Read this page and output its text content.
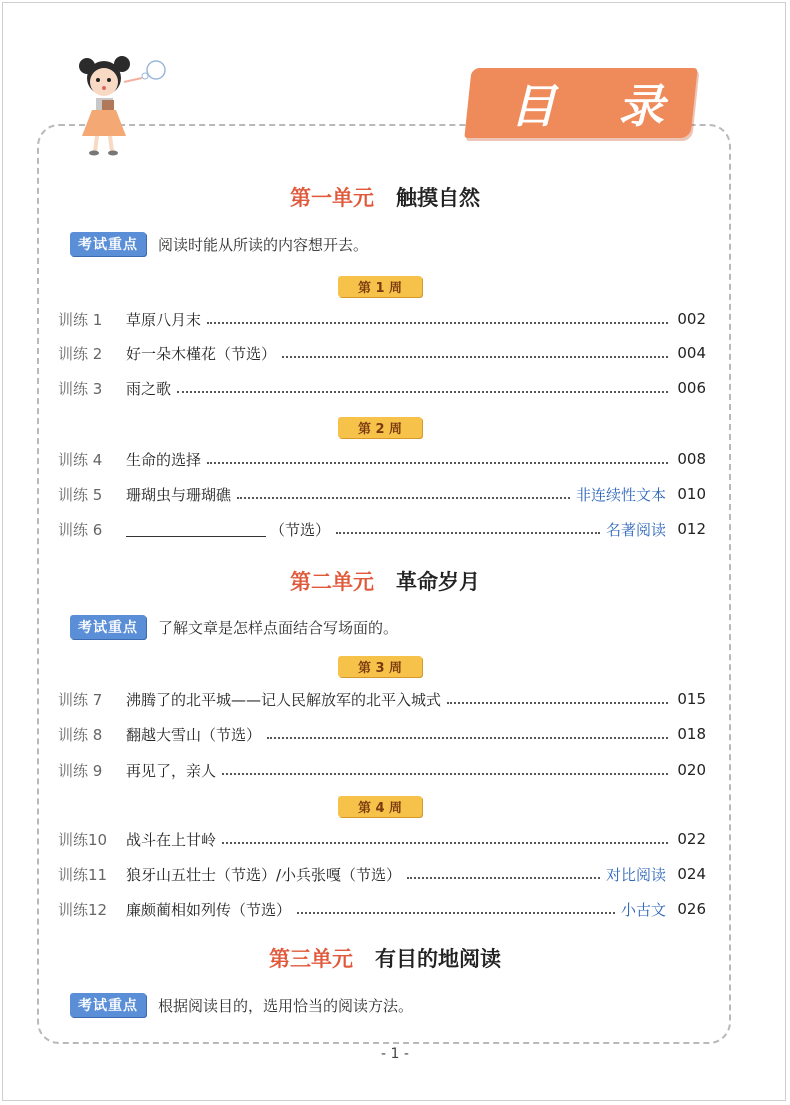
目 录
第一单元 触摸自然
考试重点	阅读时能从所读的内容想开去。
第 1 周
训练 1	草原八月末	002
训练 2	好一朵木槿花（节选）	004
训练 3	雨之歌	006
第 2 周
训练 4	生命的选择	008
训练 5	珊瑚虫与珊瑚礁	非连续性文本 010
训练 6	（节选）	名著阅读 012
第二单元 革命岁月
考试重点	了解文章是怎样点面结合写场面的。
第 3 周
训练 7	沸腾了的北平城——记人民解放军的北平入城式	015
训练 8	翻越大雪山（节选）	018
训练 9	再见了，亲人	020
第 4 周
训练10	战斗在上甘岭	022
训练11	狼牙山五壮士（节选）/小兵张嘎（节选）	对比阅读 024
训练12	廉颇蔺相如列传（节选）	小古文 026
第三单元 有目的地阅读
考试重点	根据阅读目的，选用恰当的阅读方法。
- 1 -
